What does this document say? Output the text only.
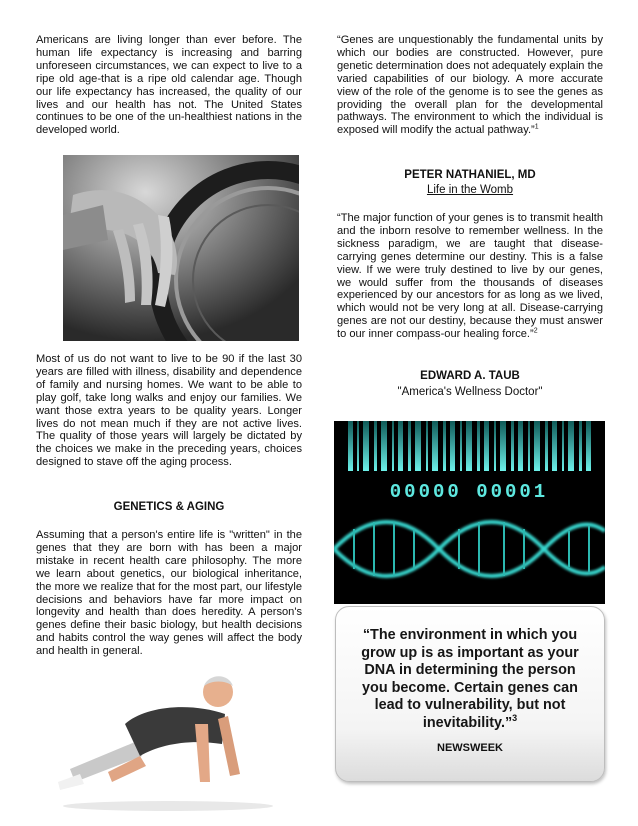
Americans are living longer than ever before. The human life expectancy is increasing and barring unforeseen circumstances, we can expect to live to a ripe old age-that is a ripe old calendar age. Though our life expectancy has increased, the quality of our lives and our health has not. The United States continues to be one of the un-healthiest nations in the developed world.

Most of us do not want to live to be 90 if the last 30 years are filled with illness, disability and dependence of family and nursing homes. We want to be able to play golf, take long walks and enjoy our families. We want those extra years to be quality years. Longer lives do not mean much if they are not active lives. The quality of those years will largely be dictated by the choices we make in the preceding years, choices designed to stave off the aging process.

GENETICS & AGING

Assuming that a person's entire life is "written" in the genes that they are born with has been a major mistake in recent health care philosophy. The more we learn about genetics, our biological inheritance, the more we realize that for the most part, our lifestyle decisions and behaviors have far more impact on longevity and health than does heredity. A person's genes define their basic biology, but health decisions and habits control the way genes will affect the body and health in general.

“Genes are unquestionably the fundamental units by which our bodies are constructed. However, pure genetic determination does not adequately explain the varied capabilities of our biology. A more accurate view of the role of the genome is to see the genes as providing the overall plan for the developmental pathways. The environment to which the individual is exposed will modify the actual pathway.”$^1$

PETER NATHANIEL, MD
Life in the Womb

“The major function of your genes is to transmit health and the inborn resolve to remember wellness. In the sickness paradigm, we are taught that disease-carrying genes determine our destiny. This is a false view. If we were truly destined to live by our genes, we would suffer from the thousands of diseases experienced by our ancestors for as long as we lived, which would not be very long at all. Disease-carrying genes are not our destiny, because they must answer to our inner compass-our healing force.”$^2$

EDWARD A. TAUB
"America's Wellness Doctor"
00000 00001
“The environment in which you grow up is as important as your DNA in determining the person you become. Certain genes can lead to vulnerability, but not inevitability.”$^3$
NEWSWEEK
